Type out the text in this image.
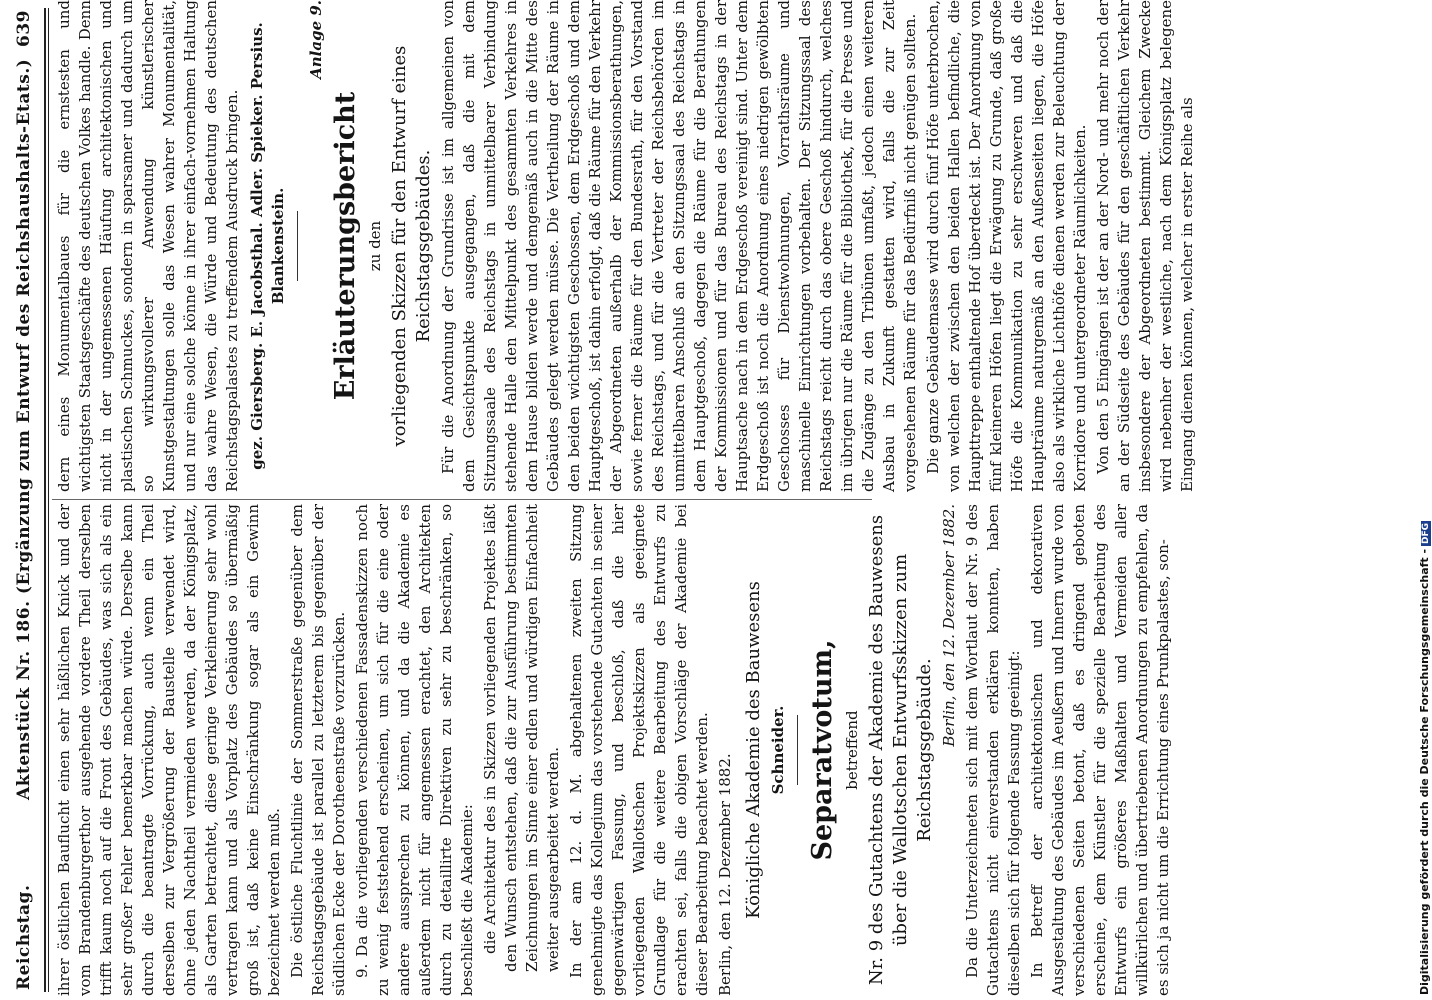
Reichstag.
Aktenstück Nr. 186. (Ergänzung zum Entwurf des Reichshaushalts-Etats.)
639

ihrer östlichen Bauflucht einen sehr häßlichen Knick und der vom Brandenburgerthor ausgehende vordere Theil derselben trifft kaum noch auf die Front des Gebäudes, was sich als ein sehr großer Fehler bemerkbar machen würde. Derselbe kann durch die beantragte Vorrückung, auch wenn ein Theil derselben zur Vergrößerung der Baustelle verwendet wird, ohne jeden Nachtheil vermieden werden, da der Königsplatz, als Garten betrachtet, diese geringe Verkleinerung sehr wohl vertragen kann und als Vorplatz des Gebäudes so übermäßig groß ist, daß keine Einschränkung sogar als ein Gewinn bezeichnet werden muß. Die östliche Fluchtlinie der Sommerstraße gegenüber dem Reichstagsgebäude ist parallel zu letzterem bis gegenüber der südlichen Ecke der Dorotheenstraße vorzurücken. 9. Da die vorliegenden verschiedenen Fassadenskizzen noch zu wenig feststehend erscheinen, um sich für die eine oder andere aussprechen zu können, und da die Akademie es außerdem nicht für angemessen erachtet, den Architekten durch zu detaillirte Direktiven zu sehr zu beschränken, so beschließt die Akademie: die Architektur des in Skizzen vorliegenden Projektes läßt den Wunsch entstehen, daß die zur Ausführung bestimmten Zeichnungen im Sinne einer edlen und würdigen Einfachheit weiter ausgearbeitet werden. In der am 12. d. M. abgehaltenen zweiten Sitzung genehmigte das Kollegium das vorstehende Gutachten in seiner gegenwärtigen Fassung, und beschloß, daß die hier vorliegenden Wallotschen Projektskizzen als geeignete Grundlage für die weitere Bearbeitung des Entwurfs zu erachten sei, falls die obigen Vorschläge der Akademie bei dieser Bearbeitung beachtet werden. Berlin, den 12. Dezember 1882. Königliche Akademie des Bauwesens Schneider. Separatvotum, betreffend Nr. 9 des Gutachtens der Akademie des Bauwesens über die Wallotschen Entwurfsskizzen zum Reichstagsgebäude.

Berlin, den 12. Dezember 1882. Da die Unterzeichneten sich mit dem Wortlaut der Nr. 9 des Gutachtens nicht einverstanden erklären konnten, haben dieselben sich für folgende Fassung geeinigt: In Betreff der architektonischen und dekorativen Ausgestaltung des Gebäudes im Aeußern und Innern wurde von verschiedenen Seiten betont, daß es dringend geboten erscheine, dem Künstler für die spezielle Bearbeitung des Entwurfs ein größeres Maßhalten und Vermeiden aller willkürlichen und übertriebenen Anordnungen zu empfehlen, da es sich ja nicht um die Errichtung eines Prunkpalastes, son-

dern eines Monumentalbaues für die ernstesten und wichtigsten Staatsgeschäfte des deutschen Volkes handle. Denn nicht in der ungemessenen Häufung architektonischen und plastischen Schmuckes, sondern in sparsamer und dadurch um so wirkungsvollerer Anwendung künstlerischer Kunstgestaltungen solle das Wesen wahrer Monumentalität, und nur eine solche könne in ihrer einfach-vornehmen Haltung das wahre Wesen, die Würde und Bedeutung des deutschen Reichstagspalastes zu treffendem Ausdruck bringen. gez. Giersberg. E. Jacobsthal. Adler. Spieker. Persius. Blankenstein.

Anlage 9.

Erläuterungsbericht zu den vorliegenden Skizzen für den Entwurf eines Reichstagsgebäudes. Für die Anordnung der Grundrisse ist im allgemeinen von dem Gesichtspunkte ausgegangen, daß die mit dem Sitzungssaale des Reichstags in unmittelbarer Verbindung stehende Halle den Mittelpunkt des gesammten Verkehres in dem Hause bilden werde und demgemäß auch in die Mitte des Gebäudes gelegt werden müsse. Die Vertheilung der Räume in den beiden wichtigsten Geschossen, dem Erdgeschoß und dem Hauptgeschoß, ist dahin erfolgt, daß die Räume für den Verkehr der Abgeordneten außerhalb der Kommissionsberathungen, sowie ferner die Räume für den Bundesrath, für den Vorstand des Reichstags, und für die Vertreter der Reichsbehörden im unmittelbaren Anschluß an den Sitzungssaal des Reichstags in dem Hauptgeschoß, dagegen die Räume für die Berathungen der Kommissionen und für das Bureau des Reichstags in der Hauptsache nach in dem Erdgeschoß vereinigt sind. Unter dem Erdgeschoß ist noch die Anordnung eines niedrigen gewölbten Geschosses für Dienstwohnungen, Vorrathsräume und maschinelle Einrichtungen vorbehalten. Der Sitzungssaal des Reichstags reicht durch das obere Geschoß hindurch, welches im übrigen nur die Räume für die Bibliothek, für die Presse und die Zugänge zu den Tribünen umfaßt, jedoch einen weiteren Ausbau in Zukunft gestatten wird, falls die zur Zeit vorgesehenen Räume für das Bedürfniß nicht genügen sollten. Die ganze Gebäudemasse wird durch fünf Höfe unterbrochen, von welchen der zwischen den beiden Hallen befindliche, die Haupttreppe enthaltende Hof überdeckt ist. Der Anordnung von fünf kleineren Höfen liegt die Erwägung zu Grunde, daß große Höfe die Kommunikation zu sehr erschweren und daß die Haupträume naturgemäß an den Außenseiten liegen, die Höfe also als wirkliche Lichthöfe dienen werden zur Beleuchtung der Korridore und untergeordneter Räumlichkeiten. Von den 5 Eingängen ist der an der Nord- und mehr noch der an der Südseite des Gebäudes für den geschäftlichen Verkehr insbesondere der Abgeordneten bestimmt. Gleichem Zwecke wird nebenher der westliche, nach dem Königsplatz belegene Eingang dienen können, welcher in erster Reihe als

Digitalisierung gefördert durch die Deutsche Forschungsgemeinschaft -DFG
